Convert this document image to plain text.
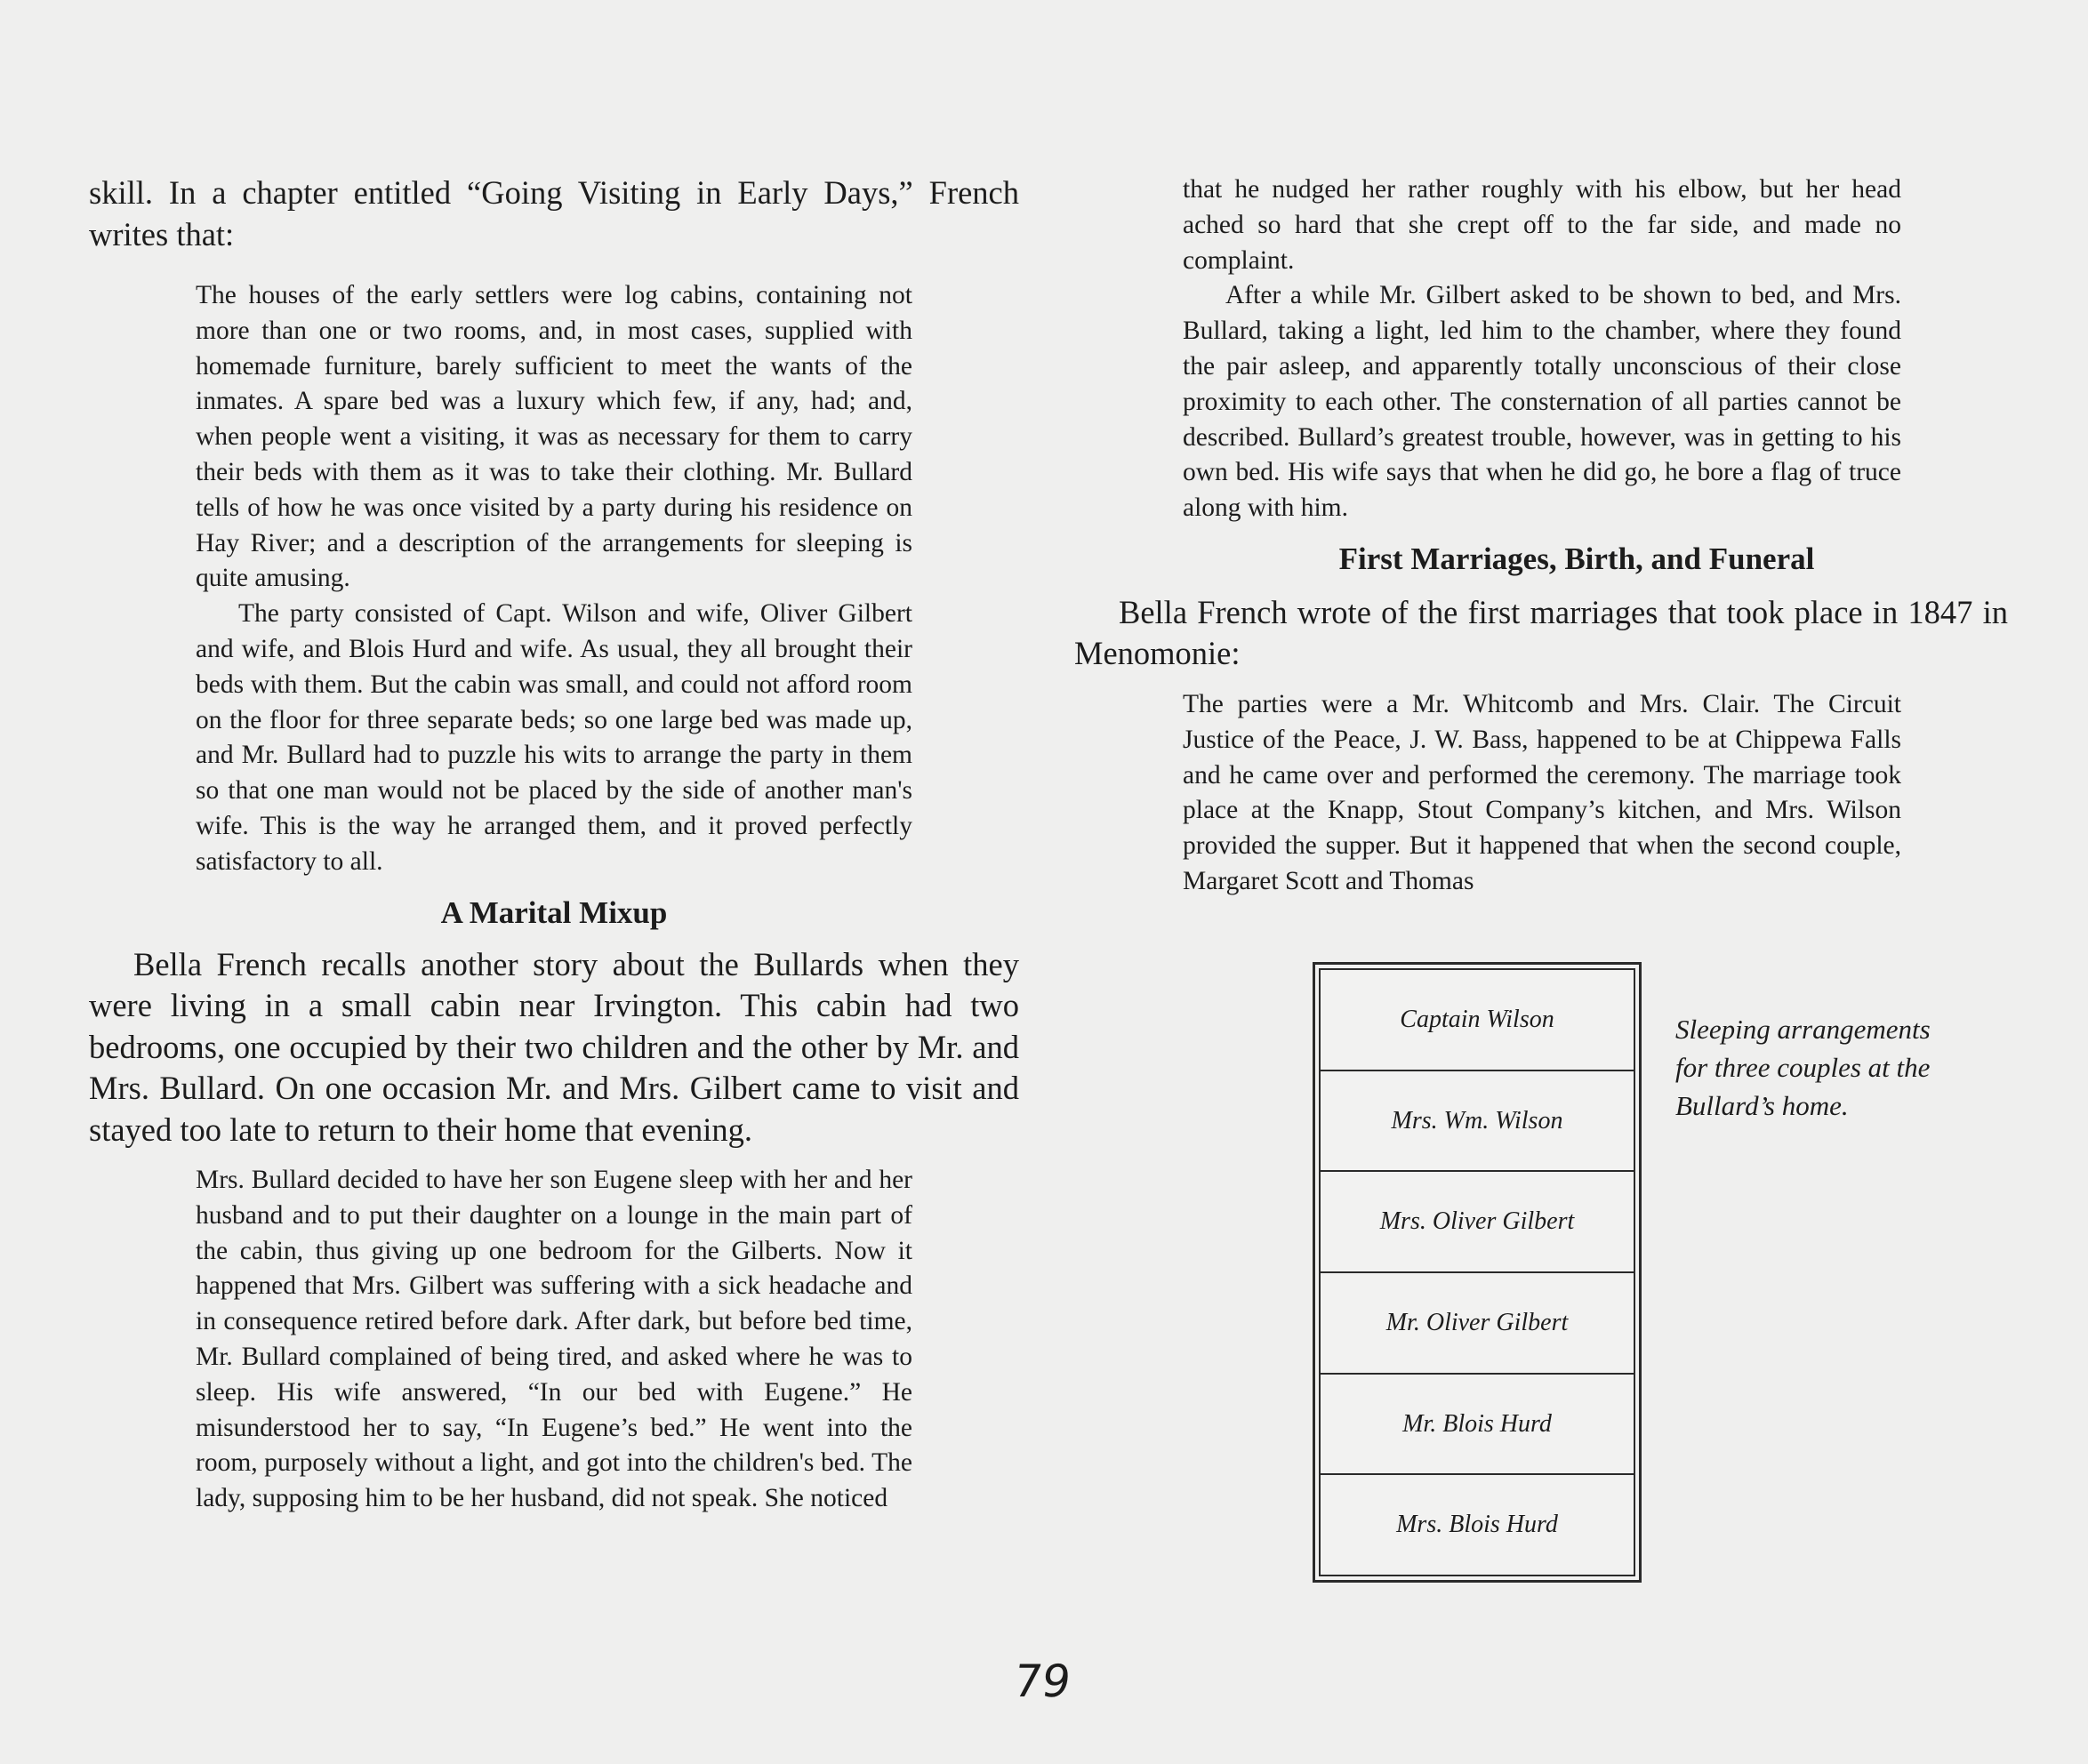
skill. In a chapter entitled “Going Visiting in Early Days,” French writes that:

The houses of the early settlers were log cabins, containing not more than one or two rooms, and, in most cases, supplied with homemade furniture, barely sufficient to meet the wants of the inmates. A spare bed was a luxury which few, if any, had; and, when people went a visiting, it was as necessary for them to carry their beds with them as it was to take their clothing. Mr. Bullard tells of how he was once visited by a party during his residence on Hay River; and a description of the arrangements for sleeping is quite amusing.

The party consisted of Capt. Wilson and wife, Oliver Gilbert and wife, and Blois Hurd and wife. As usual, they all brought their beds with them. But the cabin was small, and could not afford room on the floor for three separate beds; so one large bed was made up, and Mr. Bullard had to puzzle his wits to arrange the party in them so that one man would not be placed by the side of another man's wife. This is the way he arranged them, and it proved perfectly satisfactory to all.

A Marital Mixup

Bella French recalls another story about the Bullards when they were living in a small cabin near Irvington. This cabin had two bedrooms, one occupied by their two children and the other by Mr. and Mrs. Bullard. On one occasion Mr. and Mrs. Gilbert came to visit and stayed too late to return to their home that evening.

Mrs. Bullard decided to have her son Eugene sleep with her and her husband and to put their daughter on a lounge in the main part of the cabin, thus giving up one bedroom for the Gilberts. Now it happened that Mrs. Gilbert was suffering with a sick headache and in consequence retired before dark. After dark, but before bed time, Mr. Bullard complained of being tired, and asked where he was to sleep. His wife answered, “In our bed with Eugene.” He misunderstood her to say, “In Eugene’s bed.” He went into the room, purposely without a light, and got into the children's bed. The lady, supposing him to be her husband, did not speak. She noticed

that he nudged her rather roughly with his elbow, but her head ached so hard that she crept off to the far side, and made no complaint.

After a while Mr. Gilbert asked to be shown to bed, and Mrs. Bullard, taking a light, led him to the chamber, where they found the pair asleep, and apparently totally unconscious of their close proximity to each other. The consternation of all parties cannot be described. Bullard’s greatest trouble, however, was in getting to his own bed. His wife says that when he did go, he bore a flag of truce along with him.

First Marriages, Birth, and Funeral

Bella French wrote of the first marriages that took place in 1847 in Menomonie:

The parties were a Mr. Whitcomb and Mrs. Clair. The Circuit Justice of the Peace, J. W. Bass, happened to be at Chippewa Falls and he came over and performed the ceremony. The marriage took place at the Knapp, Stout Company’s kitchen, and Mrs. Wilson provided the supper. But it happened that when the second couple, Margaret Scott and Thomas

Captain Wilson
Mrs. Wm. Wilson
Mrs. Oliver Gilbert
Mr. Oliver Gilbert
Mr. Blois Hurd
Mrs. Blois Hurd
Sleeping arrangements for three couples at the Bullard’s home.
79
